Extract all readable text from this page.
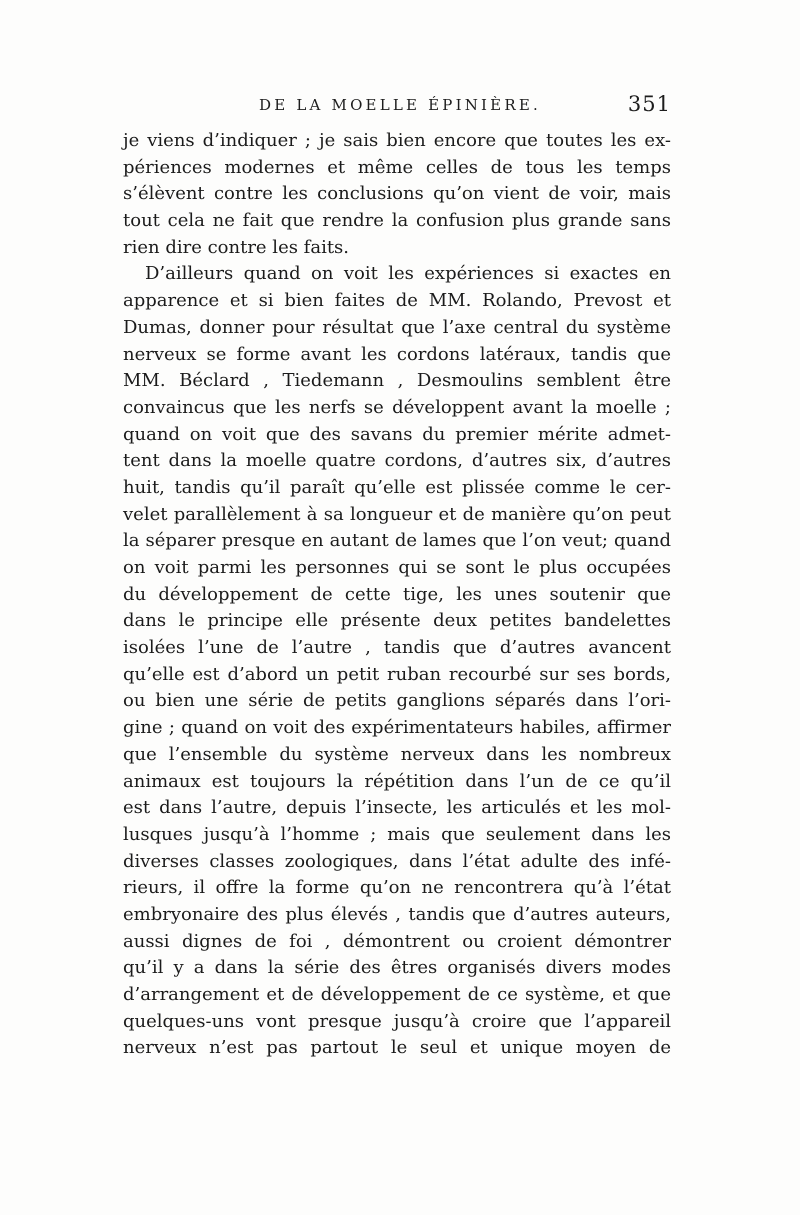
DE LA MOELLE ÉPINIÈRE.	351
je viens d’indiquer ; je sais bien encore que toutes les ex-
périences modernes et même celles de tous les temps
s’élèvent contre les conclusions qu’on vient de voir, mais
tout cela ne fait que rendre la confusion plus grande sans
rien dire contre les faits.
D’ailleurs quand on voit les expériences si exactes en
apparence et si bien faites de MM. Rolando, Prevost et
Dumas, donner pour résultat que l’axe central du système
nerveux se forme avant les cordons latéraux, tandis que
MM. Béclard , Tiedemann , Desmoulins semblent être
convaincus que les nerfs se développent avant la moelle ;
quand on voit que des savans du premier mérite admet-
tent dans la moelle quatre cordons, d’autres six, d’autres
huit, tandis qu’il paraît qu’elle est plissée comme le cer-
velet parallèlement à sa longueur et de manière qu’on peut
la séparer presque en autant de lames que l’on veut; quand
on voit parmi les personnes qui se sont le plus occupées
du développement de cette tige, les unes soutenir que
dans le principe elle présente deux petites bandelettes
isolées l’une de l’autre , tandis que d’autres avancent
qu’elle est d’abord un petit ruban recourbé sur ses bords,
ou bien une série de petits ganglions séparés dans l’ori-
gine ; quand on voit des expérimentateurs habiles, affirmer
que l’ensemble du système nerveux dans les nombreux
animaux est toujours la répétition dans l’un de ce qu’il
est dans l’autre, depuis l’insecte, les articulés et les mol-
lusques jusqu’à l’homme ; mais que seulement dans les
diverses classes zoologiques, dans l’état adulte des infé-
rieurs, il offre la forme qu’on ne rencontrera qu’à l’état
embryonaire des plus élevés , tandis que d’autres auteurs,
aussi dignes de foi , démontrent ou croient démontrer
qu’il y a dans la série des êtres organisés divers modes
d’arrangement et de développement de ce système, et que
quelques-uns vont presque jusqu’à croire que l’appareil
nerveux n’est pas partout le seul et unique moyen de
